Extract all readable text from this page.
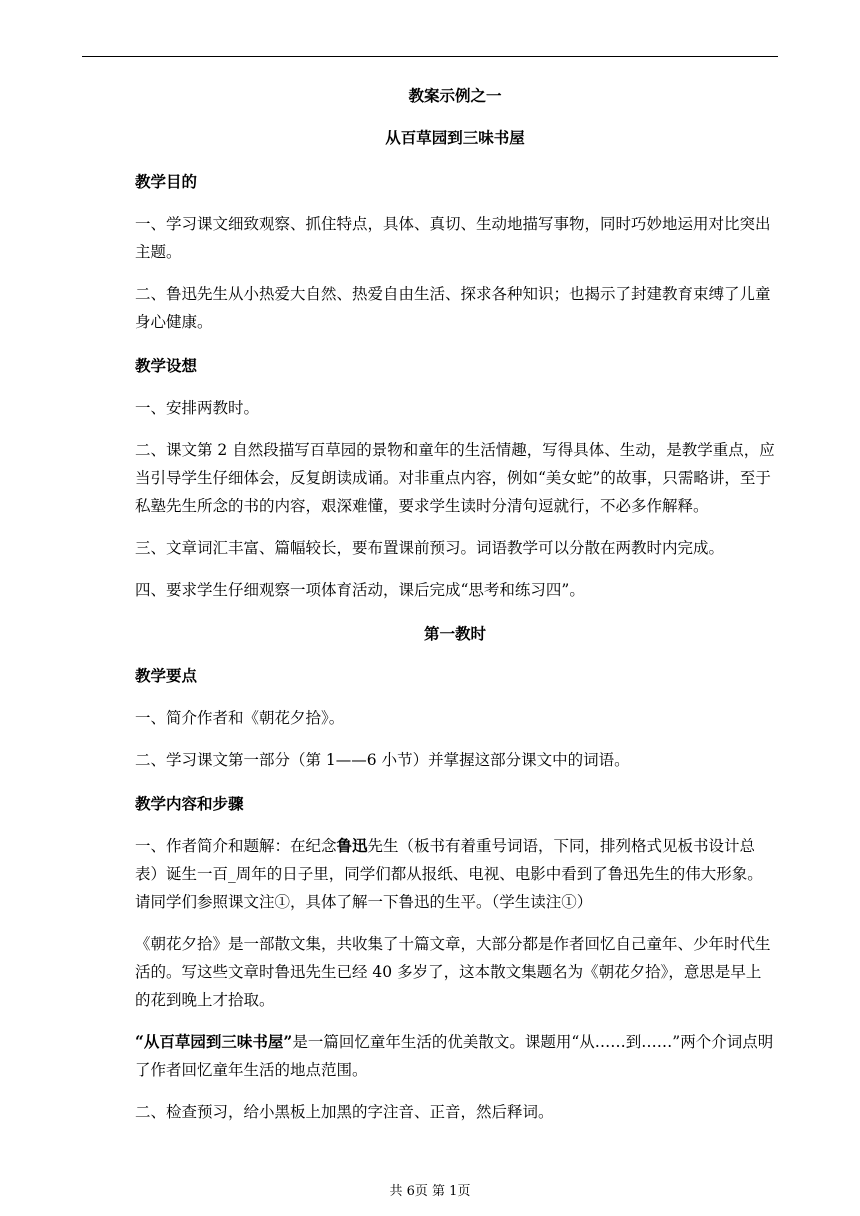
教案示例之一
从百草园到三味书屋

教学目的

一、学习课文细致观察、抓住特点，具体、真切、生动地描写事物，同时巧妙地运用对比突出主题。

二、鲁迅先生从小热爱大自然、热爱自由生活、探求各种知识；也揭示了封建教育束缚了儿童身心健康。

教学设想

一、安排两教时。

二、课文第 2 自然段描写百草园的景物和童年的生活情趣，写得具体、生动，是教学重点，应当引导学生仔细体会，反复朗读成诵。对非重点内容，例如“美女蛇”的故事，只需略讲，至于私塾先生所念的书的内容，艰深难懂，要求学生读时分清句逗就行，不必多作解释。

三、文章词汇丰富、篇幅较长，要布置课前预习。词语教学可以分散在两教时内完成。

四、要求学生仔细观察一项体育活动，课后完成“思考和练习四”。

第一教时

教学要点

一、简介作者和《朝花夕拾》。

二、学习课文第一部分（第 1——6 小节）并掌握这部分课文中的词语。

教学内容和步骤

一、作者简介和题解：在纪念鲁迅先生（板书有着重号词语，下同，排列格式见板书设计总表）诞生一百_周年的日子里，同学们都从报纸、电视、电影中看到了鲁迅先生的伟大形象。请同学们参照课文注①，具体了解一下鲁迅的生平。（学生读注①）

《朝花夕拾》是一部散文集，共收集了十篇文章，大部分都是作者回忆自己童年、少年时代生活的。写这些文章时鲁迅先生已经 40 多岁了，这本散文集题名为《朝花夕拾》，意思是早上的花到晚上才拾取。

“从百草园到三味书屋”是一篇回忆童年生活的优美散文。课题用“从……到……”两个介词点明了作者回忆童年生活的地点范围。

二、检查预习，给小黑板上加黑的字注音、正音，然后释词。

共 6页 第 1页
